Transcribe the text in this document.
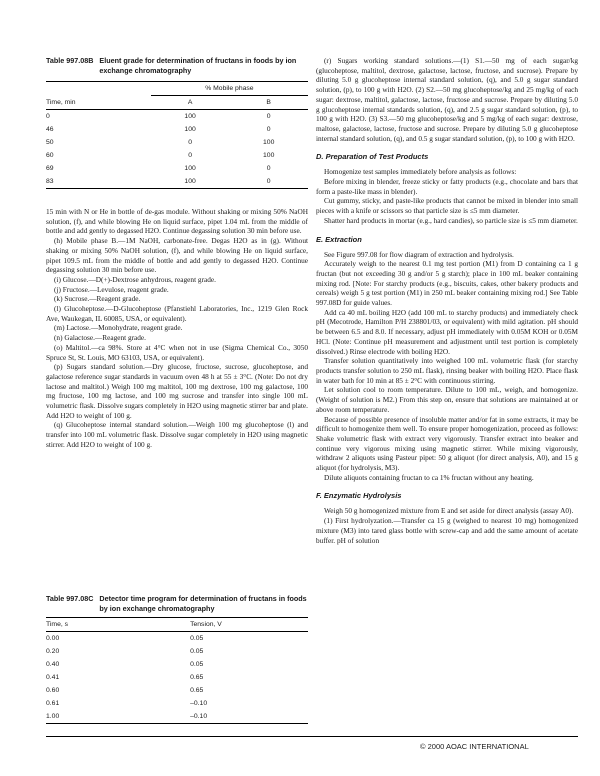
Table 997.08B Eluent grade for determination of fructans in foods by ion exchange chromatography
	% Mobile phase	
Time, min	A	B
0	100	0
46	100	0
50	0	100
60	0	100
69	100	0
83	100	0

15 min with N or He in bottle of de-gas module. Without shaking or mixing 50% NaOH solution, (f), and while blowing He on liquid surface, pipet 1.04 mL from the middle of bottle and add gently to degassed H2O. Continue degassing solution 30 min before use.

(h) Mobile phase B.—1M NaOH, carbonate-free. Degas H2O as in (g). Without shaking or mixing 50% NaOH solution, (f), and while blowing He on liquid surface, pipet 109.5 mL from the middle of bottle and add gently to degassed H2O. Continue degassing solution 30 min before use.

(i) Glucose.—D(+)-Dextrose anhydrous, reagent grade.

(j) Fructose.—Levulose, reagent grade.

(k) Sucrose.—Reagent grade.

(l) Glucoheptose.—D-Glucoheptose (Pfanstiehl Laboratories, Inc., 1219 Glen Rock Ave, Waukegan, IL 60085, USA, or equivalent).

(m) Lactose.—Monohydrate, reagent grade.

(n) Galactose.—Reagent grade.

(o) Maltitol.—ca 98%. Store at 4°C when not in use (Sigma Chemical Co., 3050 Spruce St, St. Louis, MO 63103, USA, or equivalent).

(p) Sugars standard solution.—Dry glucose, fructose, sucrose, glucoheptose, and galactose reference sugar standards in vacuum oven 48 h at 55 ± 3°C. (Note: Do not dry lactose and maltitol.) Weigh 100 mg maltitol, 100 mg dextrose, 100 mg galactose, 100 mg fructose, 100 mg lactose, and 100 mg sucrose and transfer into single 100 mL volumetric flask. Dissolve sugars completely in H2O using magnetic stirrer bar and plate. Add H2O to weight of 100 g.

(q) Glucoheptose internal standard solution.—Weigh 100 mg glucoheptose (l) and transfer into 100 mL volumetric flask. Dissolve sugar completely in H2O using magnetic stirrer. Add H2O to weight of 100 g.

Table 997.08C Detector time program for determination of fructans in foods by ion exchange chromatography
Time, s	Tension, V
0.00	0.05
0.20	0.05
0.40	0.05
0.41	0.65
0.60	0.65
0.61	–0.10
1.00	–0.10

(r) Sugars working standard solutions.—(1) S1.—50 mg of each sugar/kg (glucoheptose, maltitol, dextrose, galactose, lactose, fructose, and sucrose). Prepare by diluting 5.0 g glucoheptose internal standard solution, (q), and 5.0 g sugar standard solution, (p), to 100 g with H2O. (2) S2.—50 mg glucoheptose/kg and 25 mg/kg of each sugar: dextrose, maltitol, galactose, lactose, fructose and sucrose. Prepare by diluting 5.0 g glucoheptose internal standards solution, (q), and 2.5 g sugar standard solution, (p), to 100 g with H2O. (3) S3.—50 mg glucoheptose/kg and 5 mg/kg of each sugar: dextrose, maltose, galactose, lactose, fructose and sucrose. Prepare by diluting 5.0 g glucoheptose internal standard solution, (q), and 0.5 g sugar standard solution, (p), to 100 g with H2O.

D. Preparation of Test Products

Homogenize test samples immediately before analysis as follows:

Before mixing in blender, freeze sticky or fatty products (e.g., chocolate and bars that form a paste-like mass in blender).

Cut gummy, sticky, and paste-like products that cannot be mixed in blender into small pieces with a knife or scissors so that particle size is ≤5 mm diameter.

Shatter hard products in mortar (e.g., hard candies), so particle size is ≤5 mm diameter.

E. Extraction

See Figure 997.08 for flow diagram of extraction and hydrolysis.

Accurately weigh to the nearest 0.1 mg test portion (M1) from D containing ca 1 g fructan (but not exceeding 30 g and/or 5 g starch); place in 100 mL beaker containing mixing rod. [Note: For starchy products (e.g., biscuits, cakes, other bakery products and cereals) weigh 5 g test portion (M1) in 250 mL beaker containing mixing rod.] See Table 997.08D for guide values.

Add ca 40 mL boiling H2O (add 100 mL to starchy products) and immediately check pH (Mecotrode, Hamilton P/H 238801/03, or equivalent) with mild agitation. pH should be between 6.5 and 8.0. If necessary, adjust pH immediately with 0.05M KOH or 0.05M HCl. (Note: Continue pH measurement and adjustment until test portion is completely dissolved.) Rinse electrode with boiling H2O.

Transfer solution quantitatively into weighed 100 mL volumetric flask (for starchy products transfer solution to 250 mL flask), rinsing beaker with boiling H2O. Place flask in water bath for 10 min at 85 ± 2°C with continuous stirring.

Let solution cool to room temperature. Dilute to 100 mL, weigh, and homogenize. (Weight of solution is M2.) From this step on, ensure that solutions are maintained at or above room temperature.

Because of possible presence of insoluble matter and/or fat in some extracts, it may be difficult to homogenize them well. To ensure proper homogenization, proceed as follows: Shake volumetric flask with extract very vigorously. Transfer extract into beaker and continue very vigorous mixing using magnetic stirrer. While mixing vigorously, withdraw 2 aliquots using Pasteur pipet: 50 g aliquot (for direct analysis, A0), and 15 g aliquot (for hydrolysis, M3).

Dilute aliquots containing fructan to ca 1% fructan without any heating.

F. Enzymatic Hydrolysis

Weigh 50 g homogenized mixture from E and set aside for direct analysis (assay A0).

(1) First hydrolyzation.—Transfer ca 15 g (weighed to nearest 10 mg) homogenized mixture (M3) into tared glass bottle with screw-cap and add the same amount of acetate buffer. pH of solution

© 2000 AOAC INTERNATIONAL
